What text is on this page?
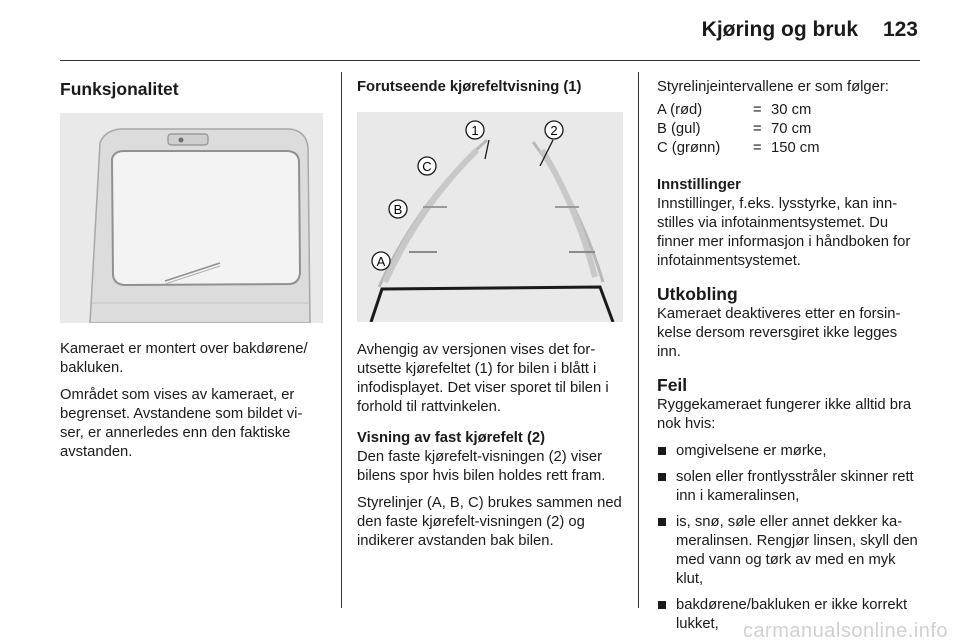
Kjøring og bruk 123
Funksjonalitet

Kameraet er montert over bakdørene/ bakluken.

Området som vises av kameraet, er begrenset. Avstandene som bildet vi- ser, er annerledes enn den faktiske avstanden.

Forutseende kjørefeltvisning (1)
1	2
C
B
A

Avhengig av versjonen vises det for- utsette kjørefeltet (1) for bilen i blått i infodisplayet. Det viser sporet til bilen i forhold til rattvinkelen.

Visning av fast kjørefelt (2)

Den faste kjørefelt-visningen (2) viser bilens spor hvis bilen holdes rett fram.

Styrelinjer (A, B, C) brukes sammen ned den faste kjørefelt-visningen (2) og indikerer avstanden bak bilen.

Styrelinjeintervallene er som følger:

A (rød)	=	30 cm
B (gul)	=	70 cm
C (grønn)	=	150 cm
Innstillinger

Innstillinger, f.eks. lysstyrke, kan inn- stilles via infotainmentsystemet. Du finner mer informasjon i håndboken for infotainmentsystemet.

Utkobling

Kameraet deaktiveres etter en forsin- kelse dersom reversgiret ikke legges inn.

Feil

Ryggekameraet fungerer ikke alltid bra nok hvis:

omgivelsene er mørke,
solen eller frontlysstråler skinner rett inn i kameralinsen,
is, snø, søle eller annet dekker ka- meralinsen. Rengjør linsen, skyll den med vann og tørk av med en myk klut,
bakdørene/bakluken er ikke korrekt lukket,	carmanualsonline.info
